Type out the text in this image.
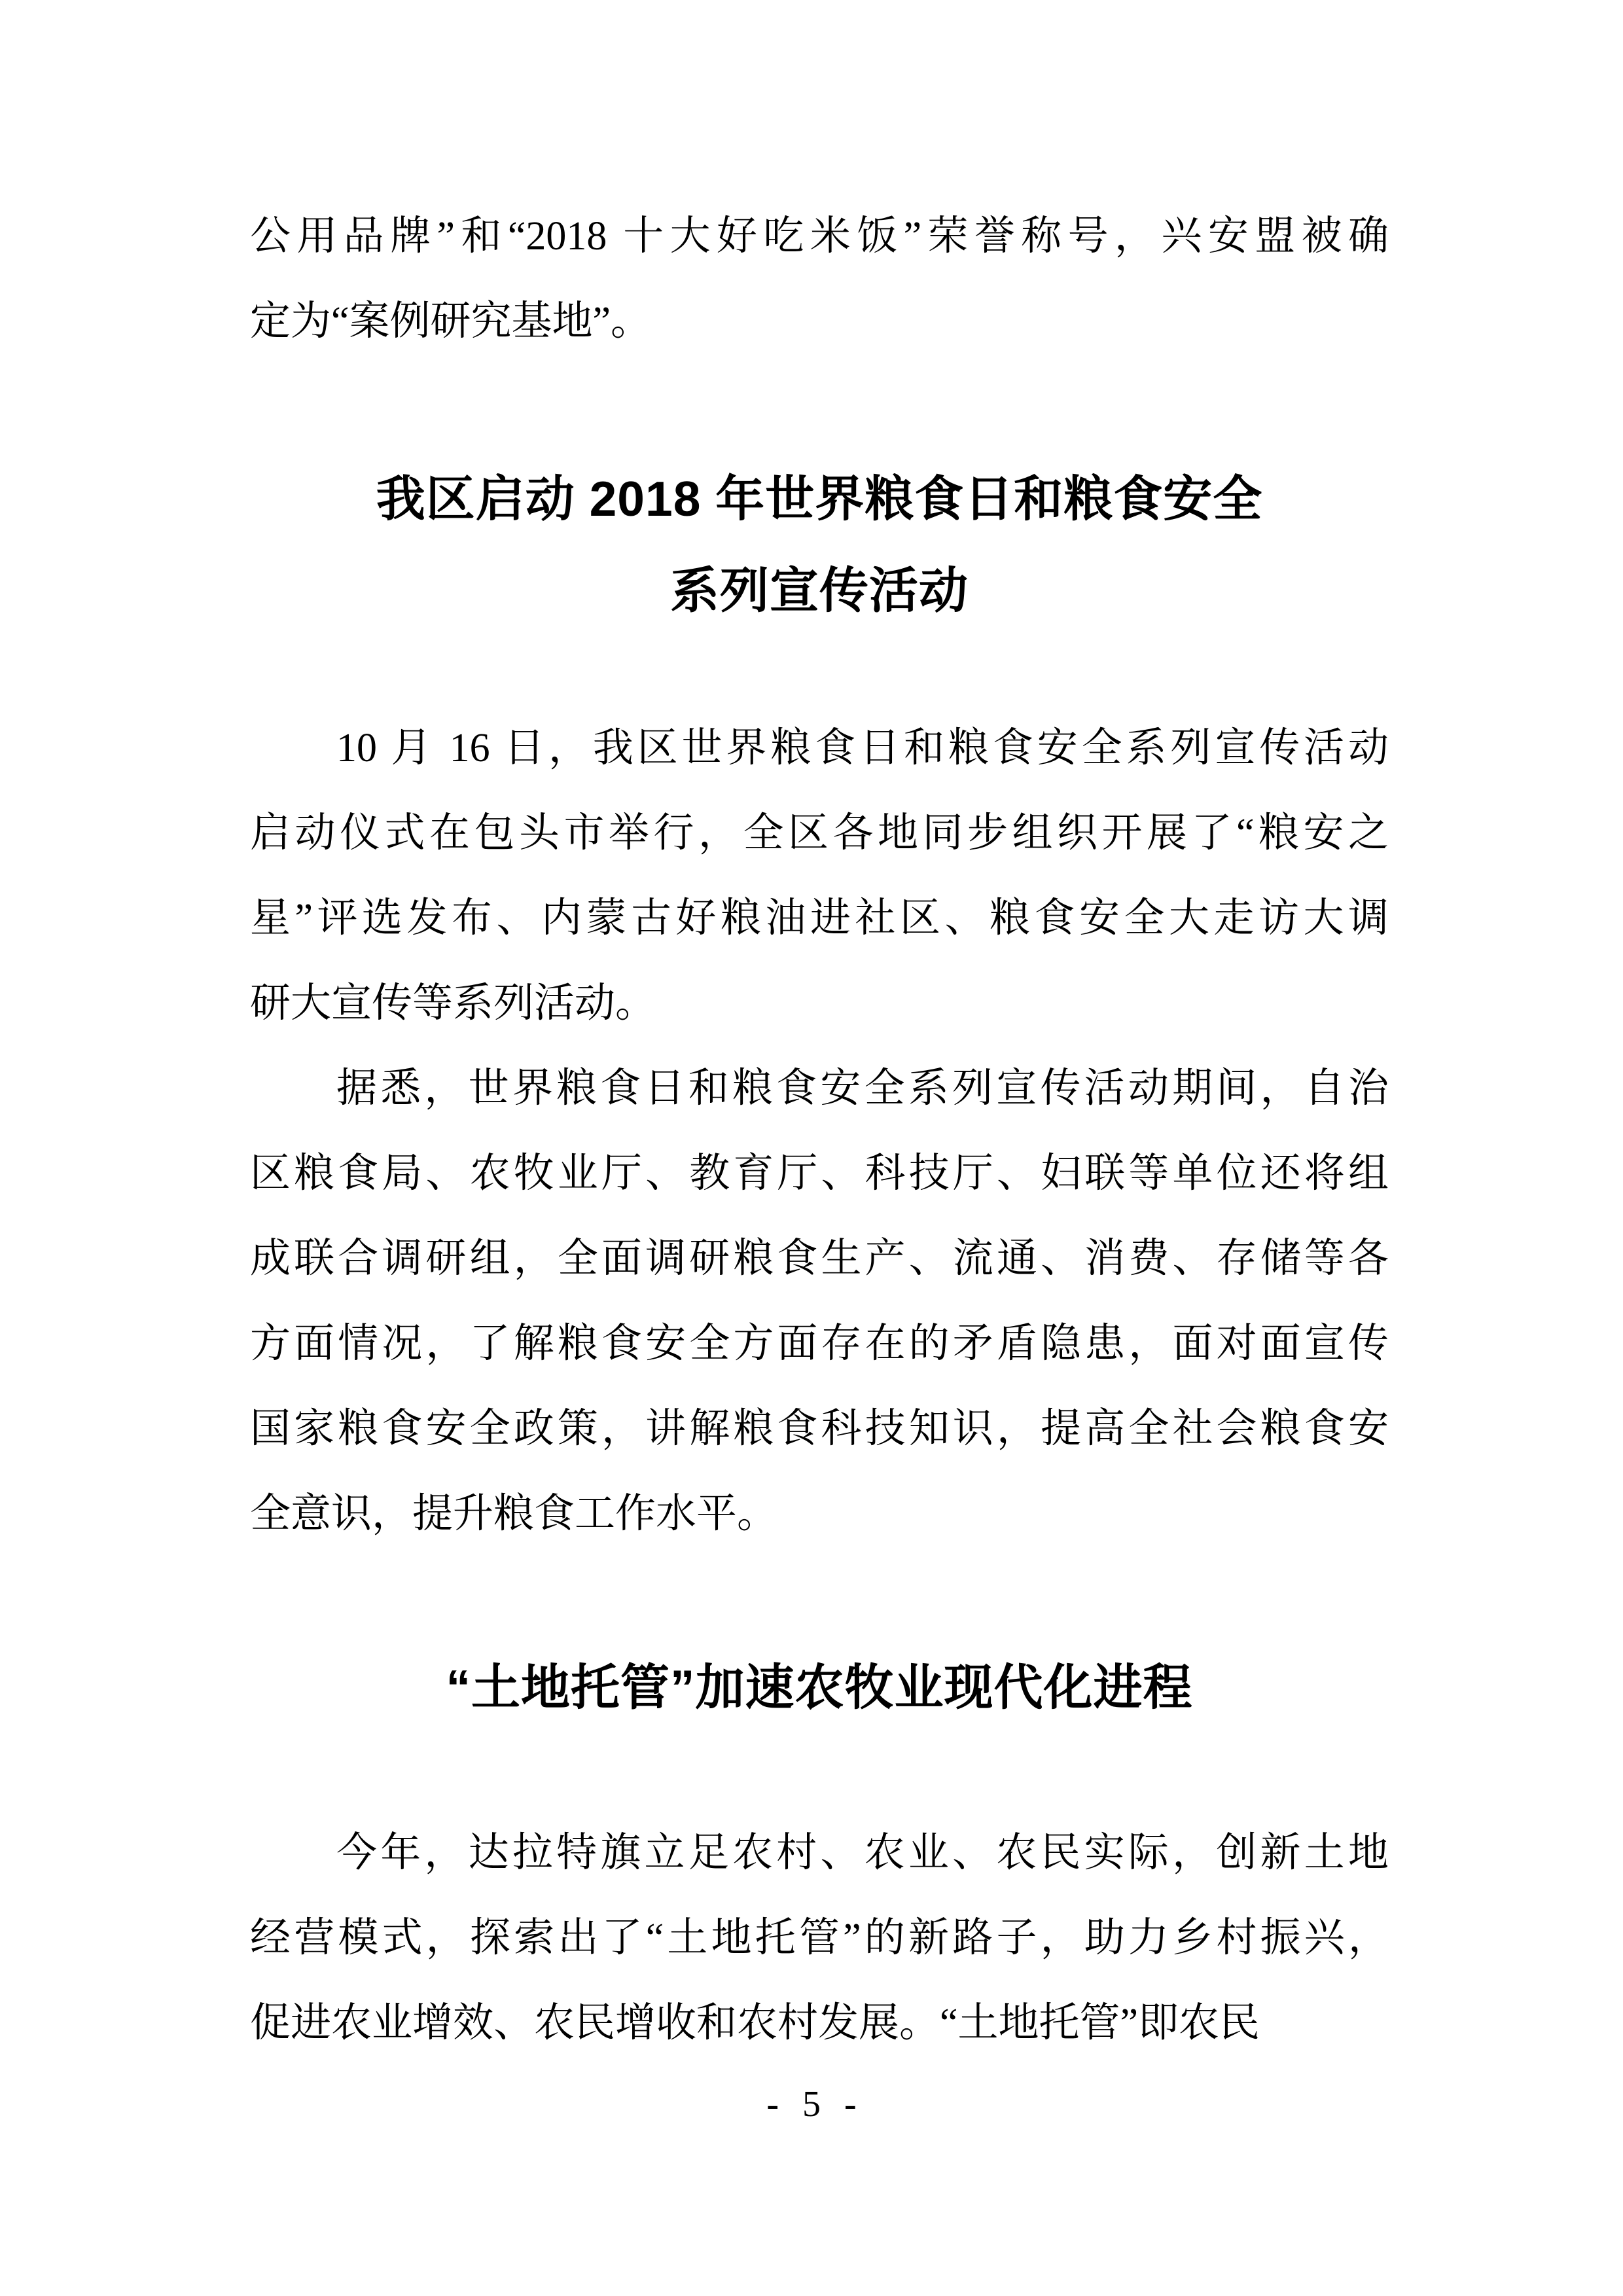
公用品牌”和“2018 十大好吃米饭”荣誉称号，兴安盟被确
定为“案例研究基地”。
我区启动 2018 年世界粮食日和粮食安全
系列宣传活动
10 月 16 日，我区世界粮食日和粮食安全系列宣传活动
启动仪式在包头市举行，全区各地同步组织开展了“粮安之
星”评选发布、内蒙古好粮油进社区、粮食安全大走访大调
研大宣传等系列活动。
据悉，世界粮食日和粮食安全系列宣传活动期间，自治
区粮食局、农牧业厅、教育厅、科技厅、妇联等单位还将组
成联合调研组，全面调研粮食生产、流通、消费、存储等各
方面情况，了解粮食安全方面存在的矛盾隐患，面对面宣传
国家粮食安全政策，讲解粮食科技知识，提高全社会粮食安
全意识，提升粮食工作水平。
“土地托管”加速农牧业现代化进程
今年，达拉特旗立足农村、农业、农民实际，创新土地
经营模式，探索出了“土地托管”的新路子，助力乡村振兴，
促进农业增效、农民增收和农村发展。“土地托管”即农民
- 5 -
